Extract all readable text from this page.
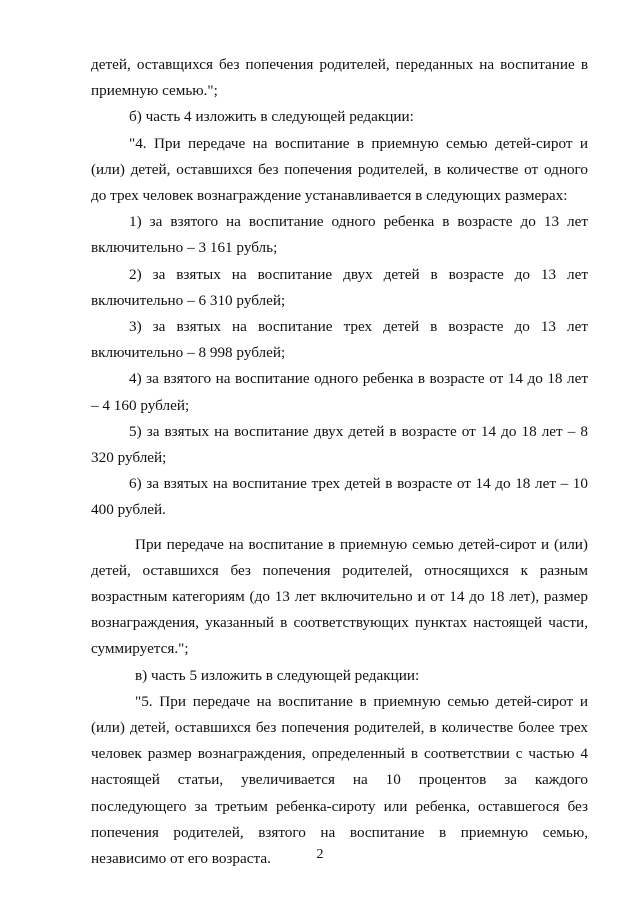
детей, оставщихся без попечения родителей, переданных на воспитание в приемную семью.";

б) часть 4 изложить в следующей редакции:

"4. При передаче на воспитание в приемную семью детей-сирот и (или) детей, оставшихся без попечения родителей, в количестве от одного до трех человек вознаграждение устанавливается в следующих размерах:

1) за взятого на воспитание одного ребенка в возрасте до 13 лет включительно – 3 161 рубль;

2) за взятых на воспитание двух детей в возрасте до 13 лет включительно – 6 310 рублей;

3) за взятых на воспитание трех детей в возрасте до 13 лет включительно – 8 998 рублей;

4) за взятого на воспитание одного ребенка в возрасте от 14 до 18 лет – 4 160 рублей;

5) за взятых на воспитание двух детей в возрасте от 14 до 18 лет – 8 320 рублей;

6) за взятых на воспитание трех детей в возрасте от 14 до 18 лет – 10 400 рублей.

При передаче на воспитание в приемную семью детей-сирот и (или) детей, оставшихся без попечения родителей, относящихся к разным возрастным категориям (до 13 лет включительно и от 14 до 18 лет), размер вознаграждения, указанный в соответствующих пунктах настоящей части, суммируется.";

в) часть 5 изложить в следующей редакции:

"5. При передаче на воспитание в приемную семью детей-сирот и (или) детей, оставшихся без попечения родителей, в количестве более трех человек размер вознаграждения, определенный в соответствии с частью 4 настоящей статьи, увеличивается на 10 процентов за каждого последующего за третьим ребенка-сироту или ребенка, оставшегося без попечения родителей, взятого на воспитание в приемную семью, независимо от его возраста.	2
